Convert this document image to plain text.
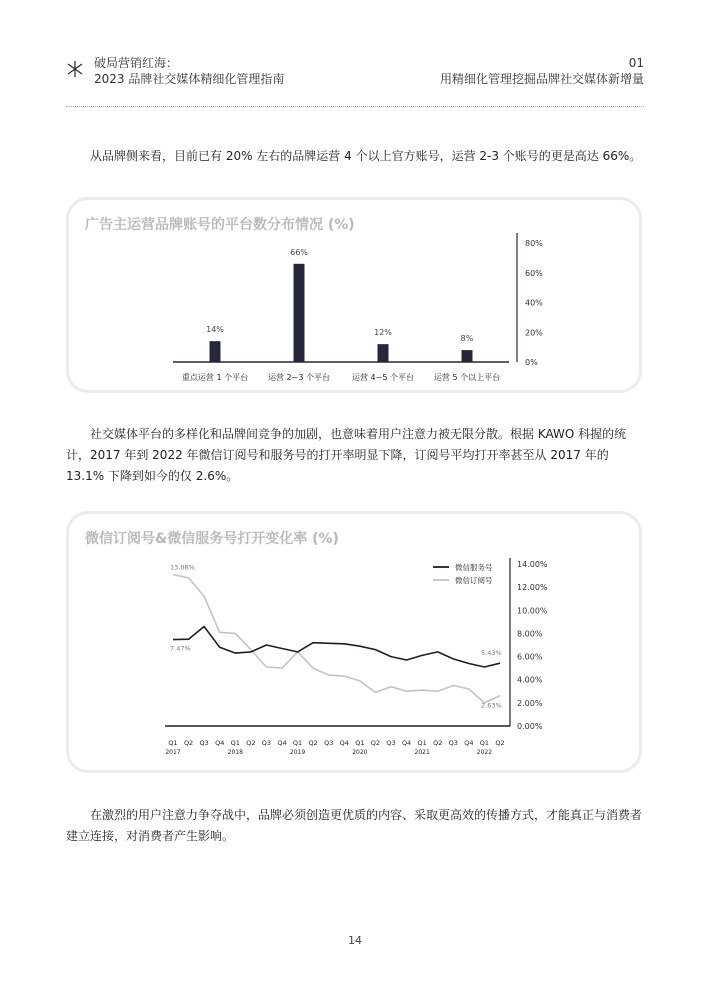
破局营销红海：
2023 品牌社交媒体精细化管理指南
01
用精细化管理挖掘品牌社交媒体新增量
从品牌侧来看，目前已有 20% 左右的品牌运营 4 个以上官方账号，运营 2-3 个账号的更是高达 66%。
广告主运营品牌账号的平台数分布情况 (%)
0%
20%
40%
60%
80%
14%
重点运营 1 个平台
66%
运营 2~3 个平台
12%
运营 4~5 个平台
8%
运营 5 个以上平台
社交媒体平台的多样化和品牌间竞争的加剧，也意味着用户注意力被无限分散。根据 KAWO 科握的统计，2017 年到 2022 年微信订阅号和服务号的打开率明显下降，订阅号平均打开率甚至从 2017 年的 13.1% 下降到如今的仅 2.6%。
微信订阅号&微信服务号打开变化率 (%)
0.00%
2.00%
4.00%
6.00%
8.00%
10.00%
12.00%
14.00%
Q1 Q2 Q3 Q4 Q1 Q2 Q3 Q4 Q1 Q2 Q3 Q4 Q1 Q2 Q3 Q4 Q1 Q2 Q3 Q4 Q1 Q2
2017	2018	2019	2020	2021	2022
13.08%
7.47%
5.43%
2.63%
微信服务号
微信订阅号
在激烈的用户注意力争夺战中，品牌必须创造更优质的内容、采取更高效的传播方式，才能真正与消费者建立连接，对消费者产生影响。
14
